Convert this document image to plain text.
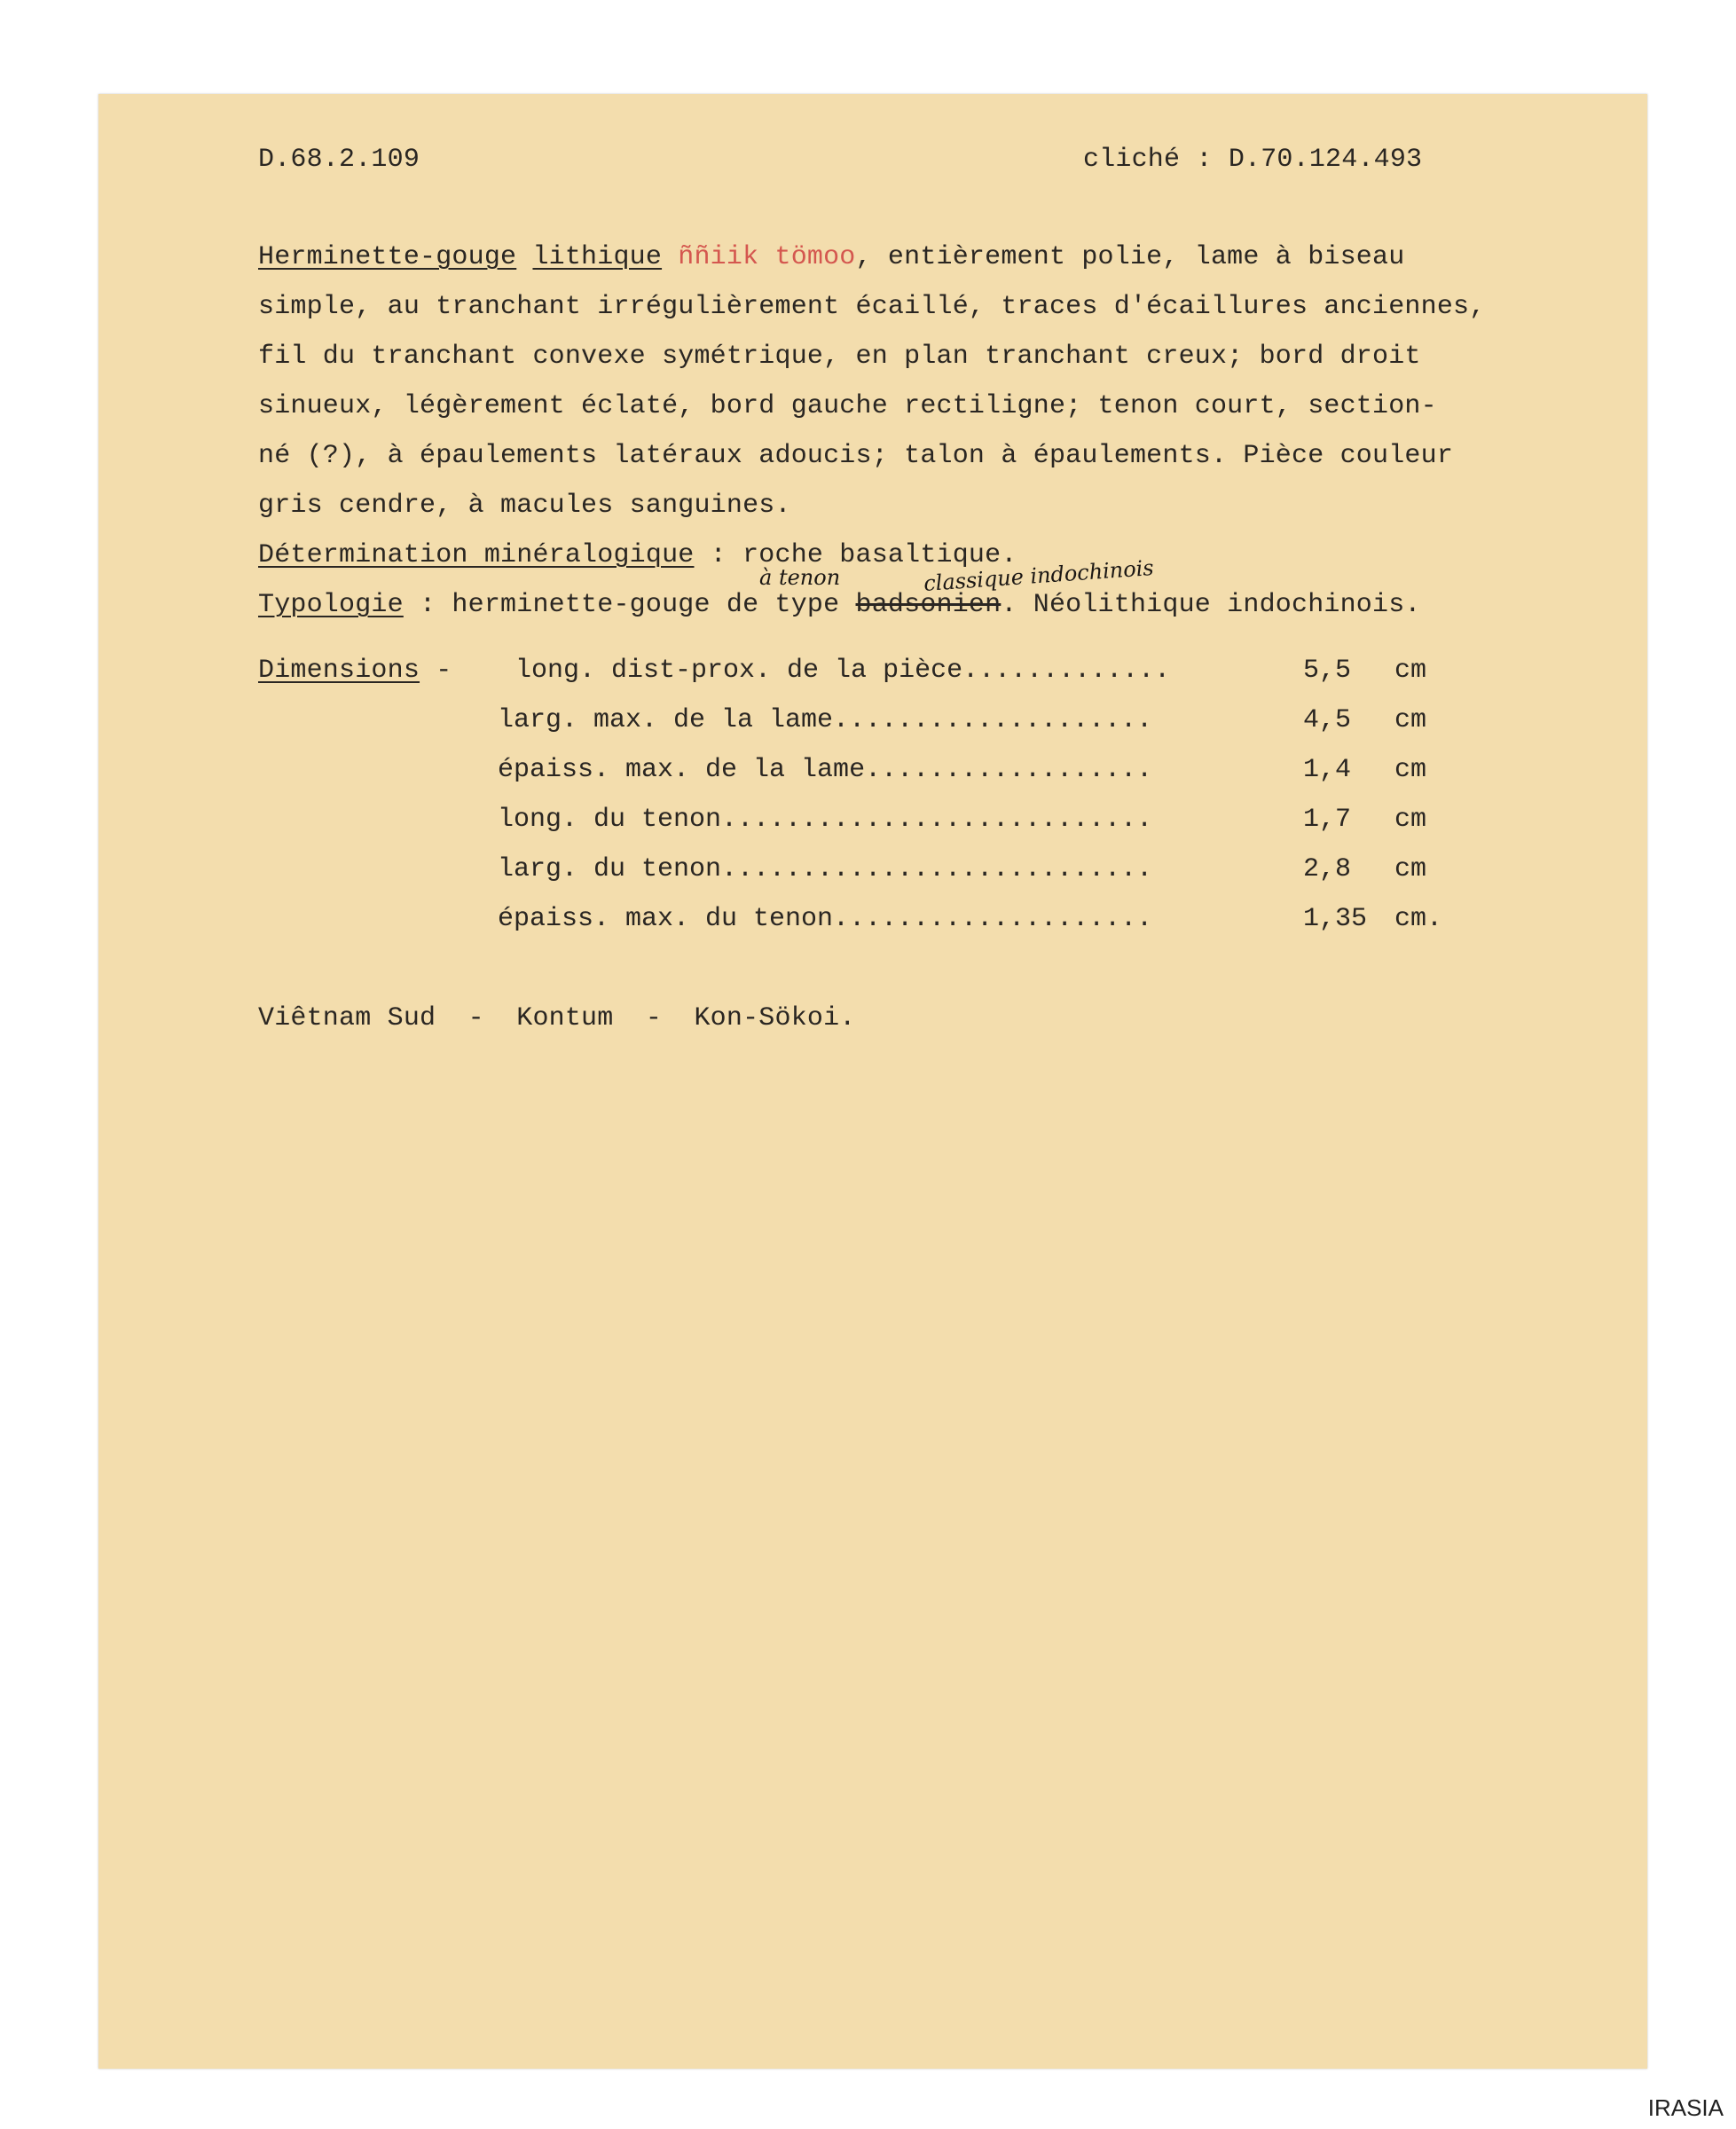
D.68.2.109	cliché : D.70.124.493
Herminette-gouge lithique ññiik tömoo, entièrement polie, lame à biseau
simple, au tranchant irrégulièrement écaillé, traces d'écaillures anciennes,
fil du tranchant convexe symétrique, en plan tranchant creux; bord droit
sinueux, légèrement éclaté, bord gauche rectiligne; tenon court, section-
né (?), à épaulements latéraux adoucis; talon à épaulements. Pièce couleur
gris cendre, à macules sanguines.
Détermination minéralogique : roche basaltique.
à tenon	classique indochinois
Typologie : herminette-gouge de type badsonien. Néolithique indochinois.
Dimensions - long. dist-prox. de la pièce.............	5,5 cm
larg. max. de la lame....................	4,5 cm
épaiss. max. de la lame..................	1,4 cm
long. du tenon...........................	1,7 cm
larg. du tenon...........................	2,8 cm
épaiss. max. du tenon....................	1,35 cm.
Viêtnam Sud  -  Kontum  -  Kon-Sökoi.
IRASIA
